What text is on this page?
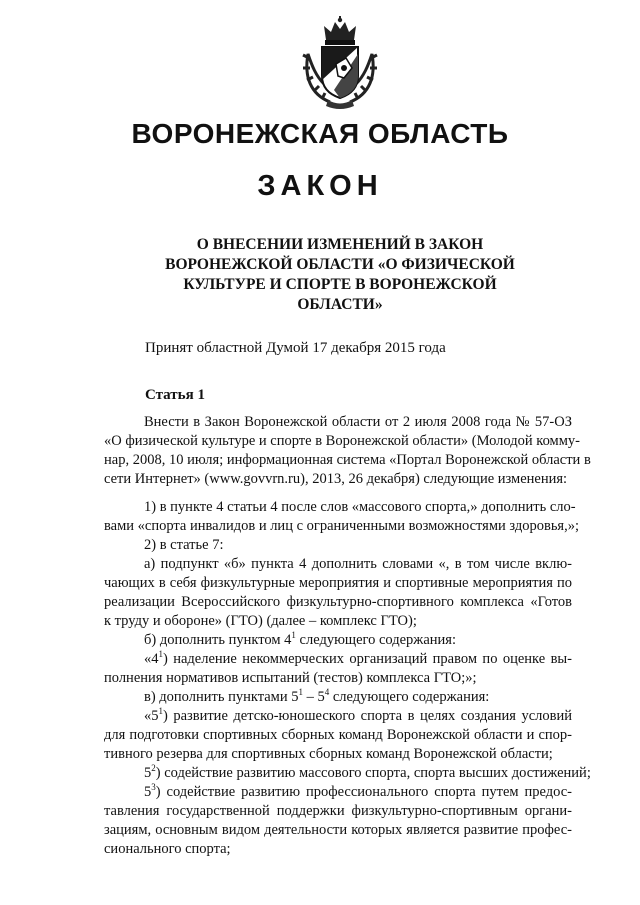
ВОРОНЕЖСКАЯ ОБЛАСТЬ
ЗАКОН
О ВНЕСЕНИИ ИЗМЕНЕНИЙ В ЗАКОН
ВОРОНЕЖСКОЙ ОБЛАСТИ «О ФИЗИЧЕСКОЙ
КУЛЬТУРЕ И СПОРТЕ В ВОРОНЕЖСКОЙ
ОБЛАСТИ»
Принят областной Думой 17 декабря 2015 года
Статья 1
Внести в Закон Воронежской области от 2 июля 2008 года № 57-ОЗ
«О физической культуре и спорте в Воронежской области» (Молодой комму-
нар, 2008, 10 июля; информационная система «Портал Воронежской области в
сети Интернет» (www.govvrn.ru), 2013, 26 декабря) следующие изменения:
1) в пункте 4 статьи 4 после слов «массового спорта,» дополнить сло-
вами «спорта инвалидов и лиц с ограниченными возможностями здоровья,»;
2) в статье 7:
а) подпункт «б» пункта 4 дополнить словами «, в том числе вклю-
чающих в себя физкультурные мероприятия и спортивные мероприятия по
реализации Всероссийского физкультурно-спортивного комплекса «Готов
к труду и обороне» (ГТО) (далее – комплекс ГТО);
б) дополнить пунктом $4^1$ следующего содержания:
«$4^1$) наделение некоммерческих организаций правом по оценке вы-
полнения нормативов испытаний (тестов) комплекса ГТО;»;
в) дополнить пунктами $5^1 - 5^4$ следующего содержания:
«$5^1$) развитие детско-юношеского спорта в целях создания условий
для подготовки спортивных сборных команд Воронежской области и спор-
тивного резерва для спортивных сборных команд Воронежской области;
$5^2$) содействие развитию массового спорта, спорта высших достижений;
$5^3$) содействие развитию профессионального спорта путем предос-
тавления государственной поддержки физкультурно-спортивным органи-
зациям, основным видом деятельности которых является развитие профес-
сионального спорта;
